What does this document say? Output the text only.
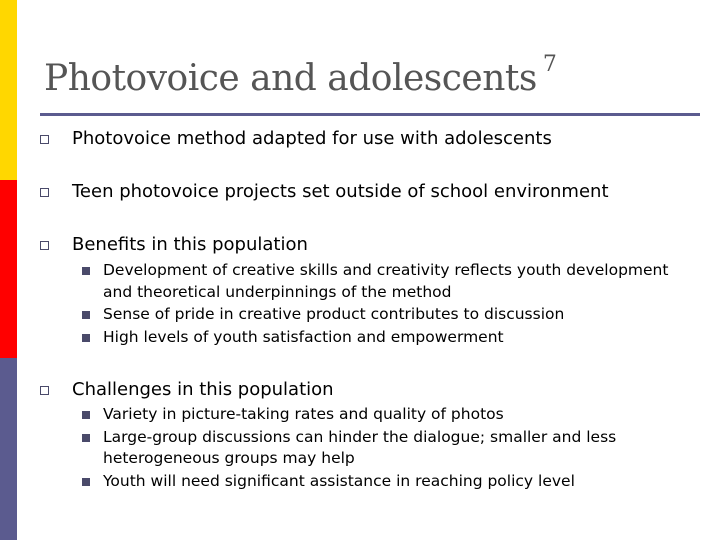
Photovoice and adolescents $^7$
Photovoice method adapted for use with adolescents
Teen photovoice projects set outside of school environment
Benefits in this population
Development of creative skills and creativity reflects youth development and theoretical underpinnings of the method
Sense of pride in creative product contributes to discussion
High levels of youth satisfaction and empowerment
Challenges in this population
Variety in picture-taking rates and quality of photos
Large-group discussions can hinder the dialogue; smaller and less heterogeneous groups may help
Youth will need significant assistance in reaching policy level
